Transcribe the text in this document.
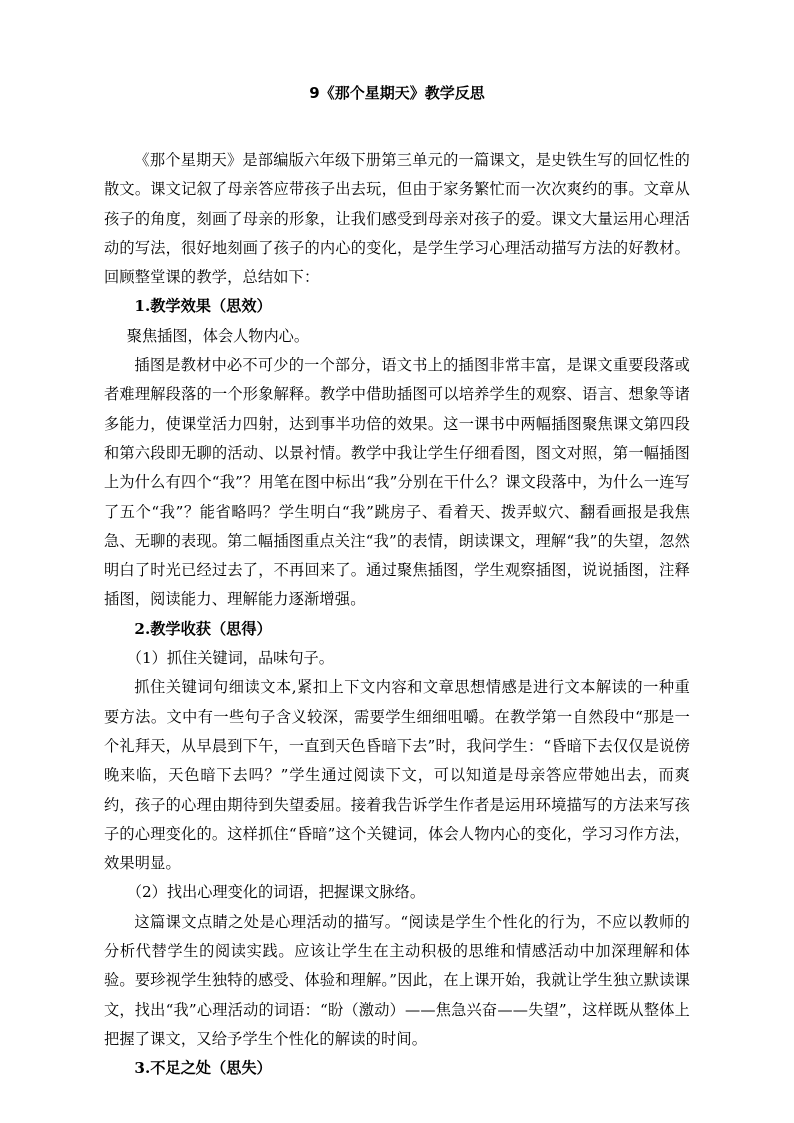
9《那个星期天》教学反思

《那个星期天》是部编版六年级下册第三单元的一篇课文，是史铁生写的回忆性的散文。课文记叙了母亲答应带孩子出去玩，但由于家务繁忙而一次次爽约的事。文章从孩子的角度，刻画了母亲的形象，让我们感受到母亲对孩子的爱。课文大量运用心理活动的写法，很好地刻画了孩子的内心的变化，是学生学习心理活动描写方法的好教材。回顾整堂课的教学，总结如下：

1.教学效果（思效）

聚焦插图，体会人物内心。

插图是教材中必不可少的一个部分，语文书上的插图非常丰富，是课文重要段落或者难理解段落的一个形象解释。教学中借助插图可以培养学生的观察、语言、想象等诸多能力，使课堂活力四射，达到事半功倍的效果。这一课书中两幅插图聚焦课文第四段和第六段即无聊的活动、以景衬情。教学中我让学生仔细看图，图文对照，第一幅插图上为什么有四个“我”？用笔在图中标出“我”分别在干什么？课文段落中，为什么一连写了五个“我”？能省略吗？学生明白“我”跳房子、看着天、拨弄蚁穴、翻看画报是我焦急、无聊的表现。第二幅插图重点关注“我”的表情，朗读课文，理解“我”的失望，忽然明白了时光已经过去了，不再回来了。通过聚焦插图，学生观察插图，说说插图，注释插图，阅读能力、理解能力逐渐增强。

2.教学收获（思得）

（1）抓住关键词，品味句子。

抓住关键词句细读文本,紧扣上下文内容和文章思想情感是进行文本解读的一种重要方法。文中有一些句子含义较深，需要学生细细咀嚼。在教学第一自然段中“那是一个礼拜天，从早晨到下午，一直到天色昏暗下去”时，我问学生：“昏暗下去仅仅是说傍晚来临，天色暗下去吗？”学生通过阅读下文，可以知道是母亲答应带她出去，而爽约，孩子的心理由期待到失望委屈。接着我告诉学生作者是运用环境描写的方法来写孩子的心理变化的。这样抓住“昏暗”这个关键词，体会人物内心的变化，学习习作方法，效果明显。

（2）找出心理变化的词语，把握课文脉络。

这篇课文点睛之处是心理活动的描写。“阅读是学生个性化的行为，不应以教师的分析代替学生的阅读实践。应该让学生在主动积极的思维和情感活动中加深理解和体验。要珍视学生独特的感受、体验和理解。”因此，在上课开始，我就让学生独立默读课文，找出“我”心理活动的词语：“盼（激动）——焦急兴奋——失望”，这样既从整体上把握了课文，又给予学生个性化的解读的时间。

3.不足之处（思失）
